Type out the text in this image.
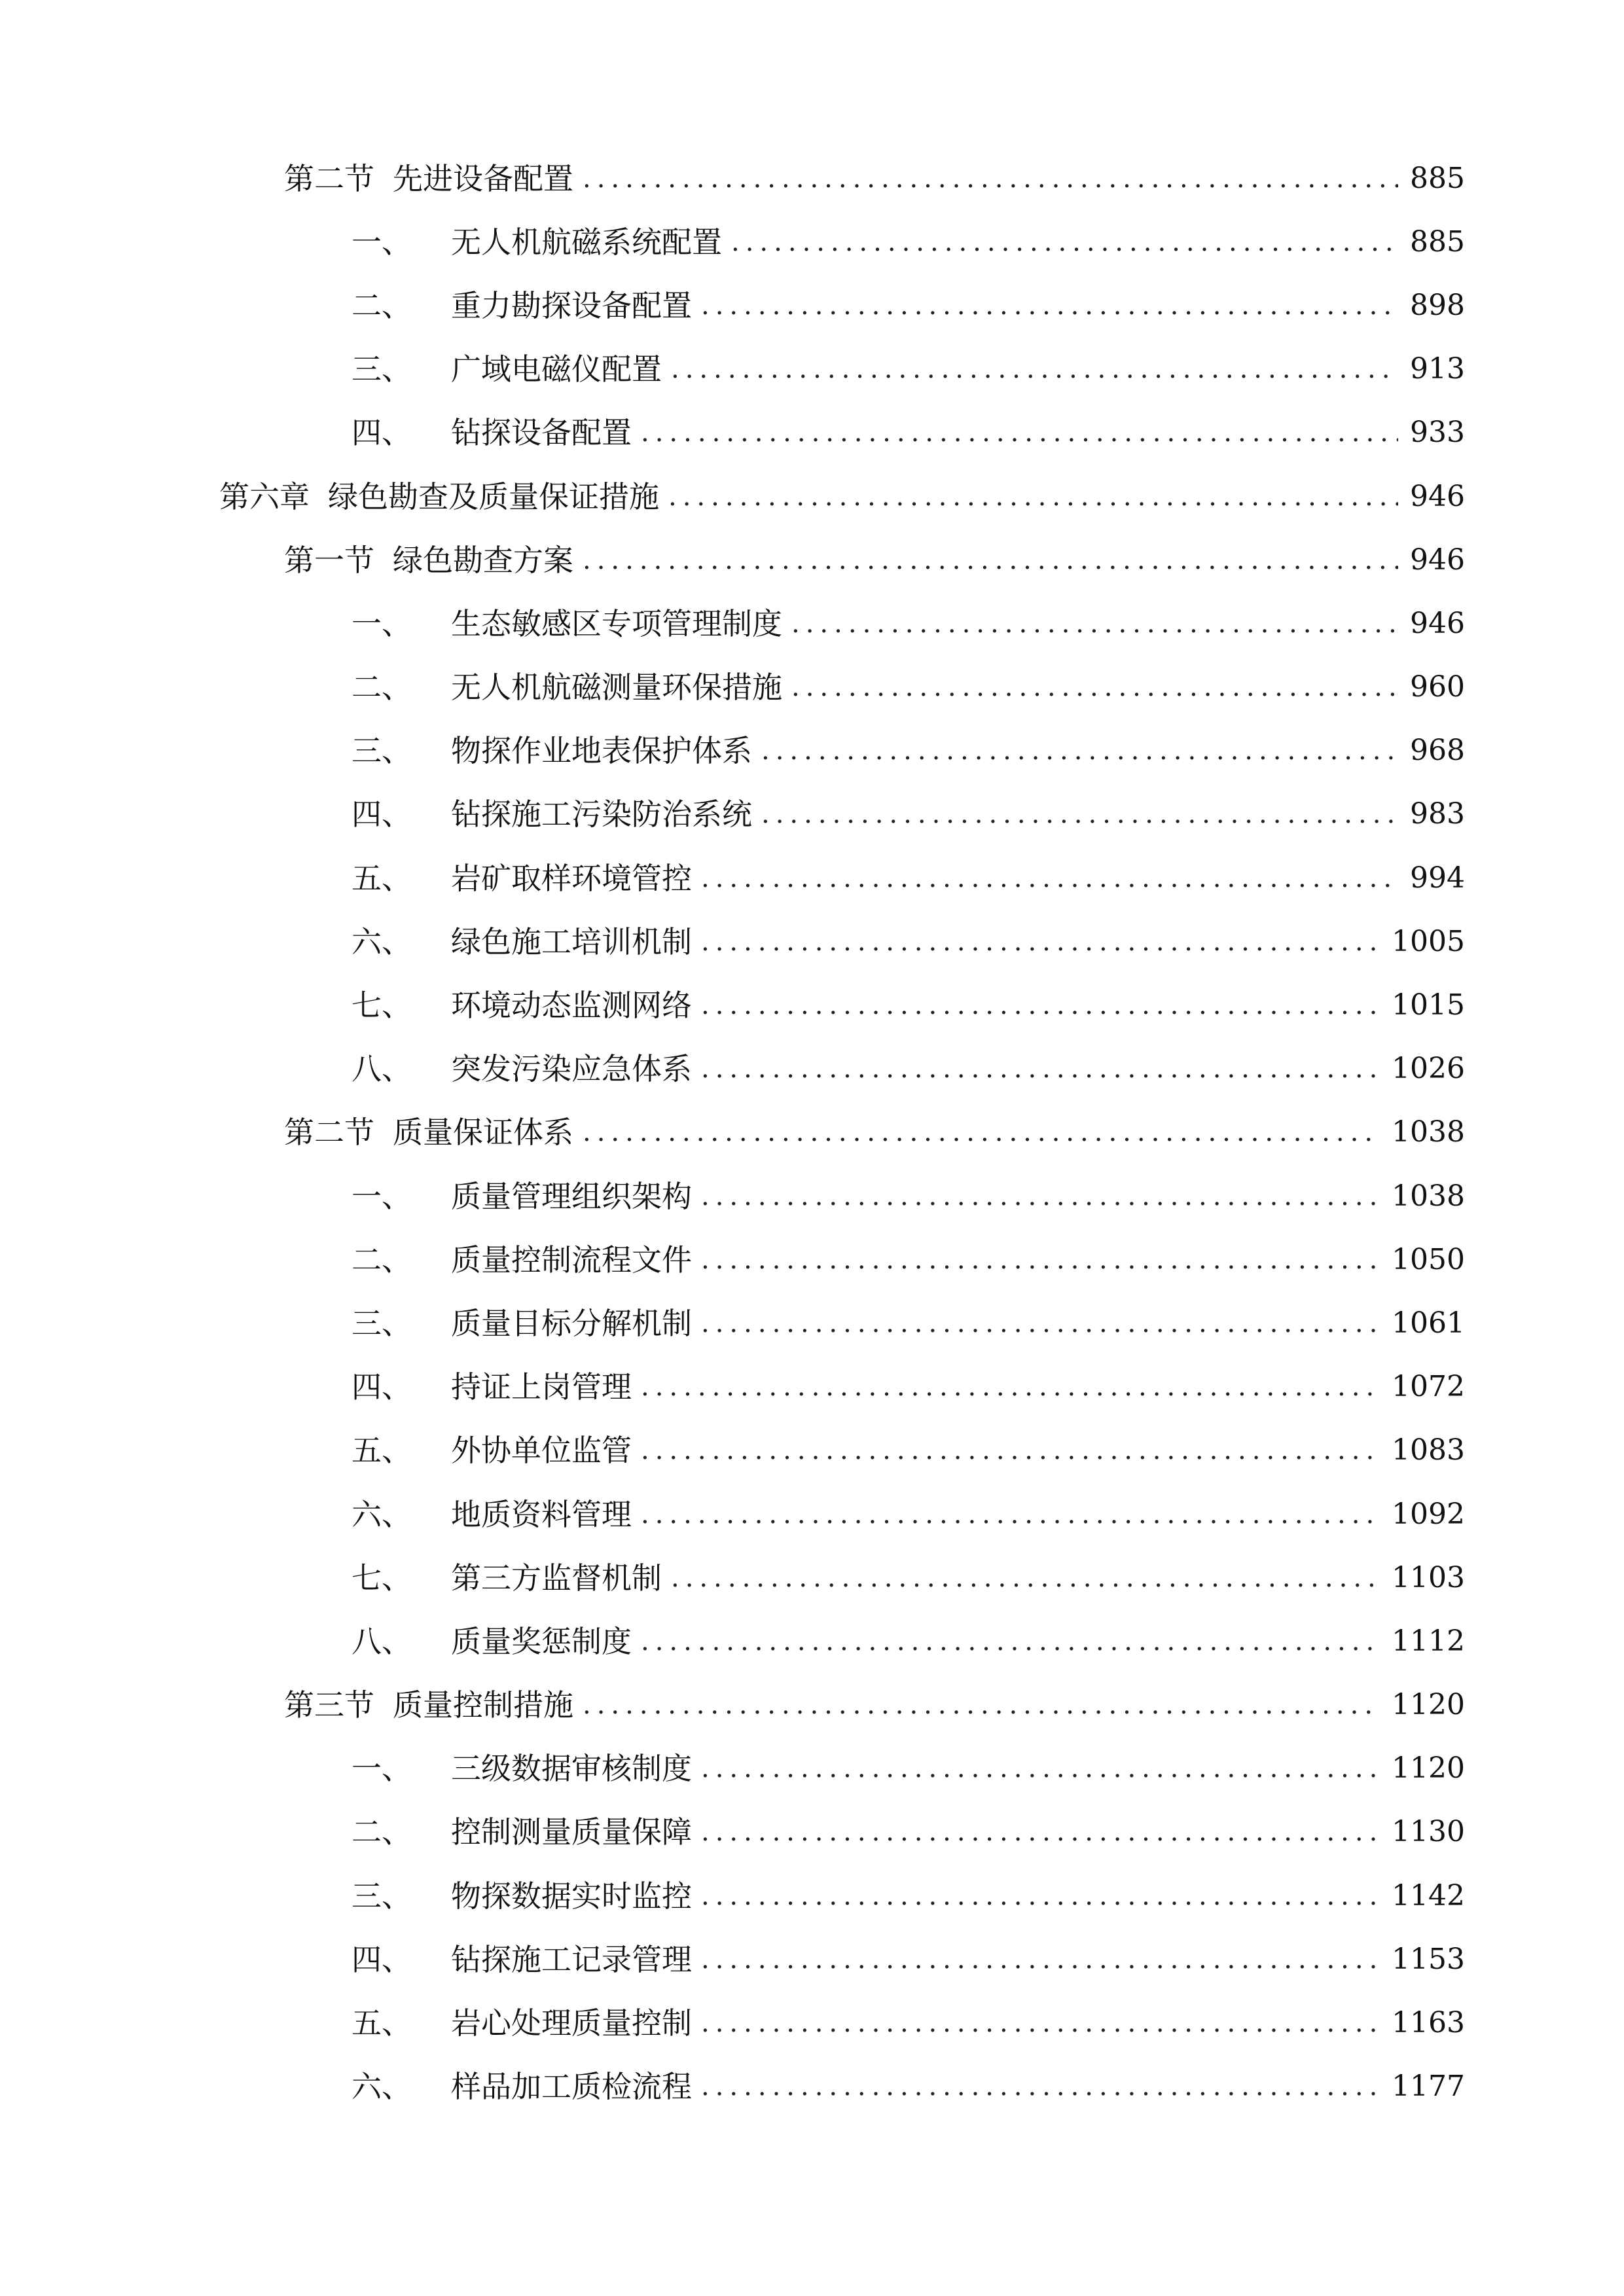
第二节 先进设备配置 .....	885
一、 无人机航磁系统配置 .....	885
二、 重力勘探设备配置 .....	898
三、 广域电磁仪配置 .....	913
四、 钻探设备配置 .....	933
第六章 绿色勘查及质量保证措施 .....	946
第一节 绿色勘查方案 .....	946
一、 生态敏感区专项管理制度 .....	946
二、 无人机航磁测量环保措施 .....	960
三、 物探作业地表保护体系 .....	968
四、 钻探施工污染防治系统 .....	983
五、 岩矿取样环境管控 .....	994
六、 绿色施工培训机制 .....	1005
七、 环境动态监测网络 .....	1015
八、 突发污染应急体系 .....	1026
第二节 质量保证体系 .....	1038
一、 质量管理组织架构 .....	1038
二、 质量控制流程文件 .....	1050
三、 质量目标分解机制 .....	1061
四、 持证上岗管理 .....	1072
五、 外协单位监管 .....	1083
六、 地质资料管理 .....	1092
七、 第三方监督机制 .....	1103
八、 质量奖惩制度 .....	1112
第三节 质量控制措施 .....	1120
一、 三级数据审核制度 .....	1120
二、 控制测量质量保障 .....	1130
三、 物探数据实时监控 .....	1142
四、 钻探施工记录管理 .....	1153
五、 岩心处理质量控制 .....	1163
六、 样品加工质检流程 .....	1177
